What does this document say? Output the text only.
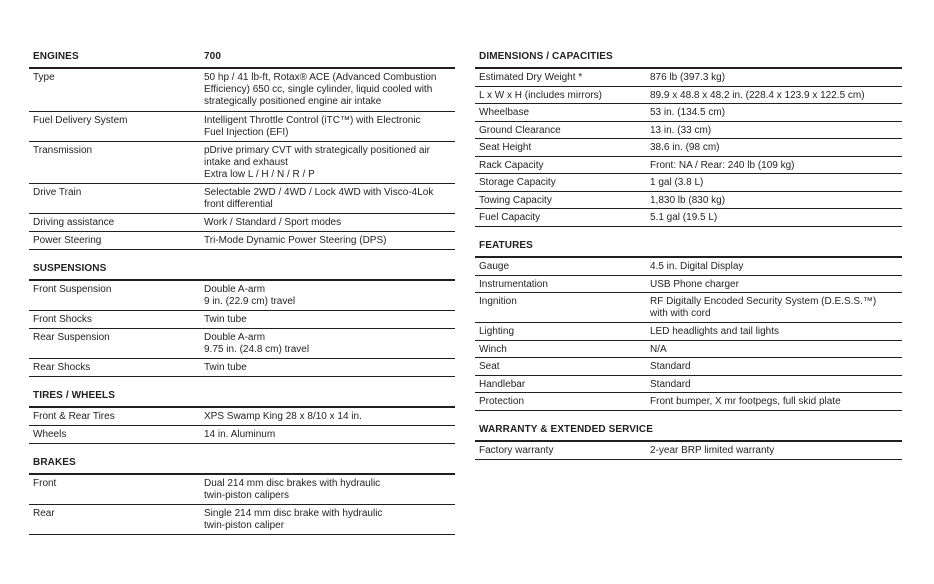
ENGINES	700
Type	50 hp / 41 lb-ft, Rotax® ACE (Advanced Combustion
Efficiency) 650 cc, single cylinder, liquid cooled with
strategically positioned engine air intake
Fuel Delivery System	Intelligent Throttle Control (iTC™) with Electronic
Fuel Injection (EFI)
Transmission	pDrive primary CVT with strategically positioned air
intake and exhaust
Extra low L / H / N / R / P
Drive Train	Selectable 2WD / 4WD / Lock 4WD with Visco-4Lok
front differential
Driving assistance	Work / Standard / Sport modes
Power Steering	Tri-Mode Dynamic Power Steering (DPS)
SUSPENSIONS
Front Suspension	Double A-arm
9 in. (22.9 cm) travel
Front Shocks	Twin tube
Rear Suspension	Double A-arm
9.75 in. (24.8 cm) travel
Rear Shocks	Twin tube
TIRES / WHEELS
Front & Rear Tires	XPS Swamp King 28 x 8/10 x 14 in.
Wheels	14 in. Aluminum
BRAKES
Front	Dual 214 mm disc brakes with hydraulic
twin-piston calipers
Rear	Single 214 mm disc brake with hydraulic
twin-piston caliper
DIMENSIONS / CAPACITIES
Estimated Dry Weight *	876 lb (397.3 kg)
L x W x H (includes mirrors)	89.9 x 48.8 x 48.2 in. (228.4 x 123.9 x 122.5 cm)
Wheelbase	53 in. (134.5 cm)
Ground Clearance	13 in. (33 cm)
Seat Height	38.6 in. (98 cm)
Rack Capacity	Front: NA / Rear: 240 lb (109 kg)
Storage Capacity	1 gal (3.8 L)
Towing Capacity	1,830 lb (830 kg)
Fuel Capacity	5.1 gal (19.5 L)
FEATURES
Gauge	4.5 in. Digital Display
Instrumentation	USB Phone charger
Ingnition	RF Digitally Encoded Security System (D.E.S.S.™)
with with cord
Lighting	LED headlights and tail lights
Winch	N/A
Seat	Standard
Handlebar	Standard
Protection	Front bumper, X mr footpegs, full skid plate
WARRANTY & EXTENDED SERVICE
Factory warranty	2-year BRP limited warranty
